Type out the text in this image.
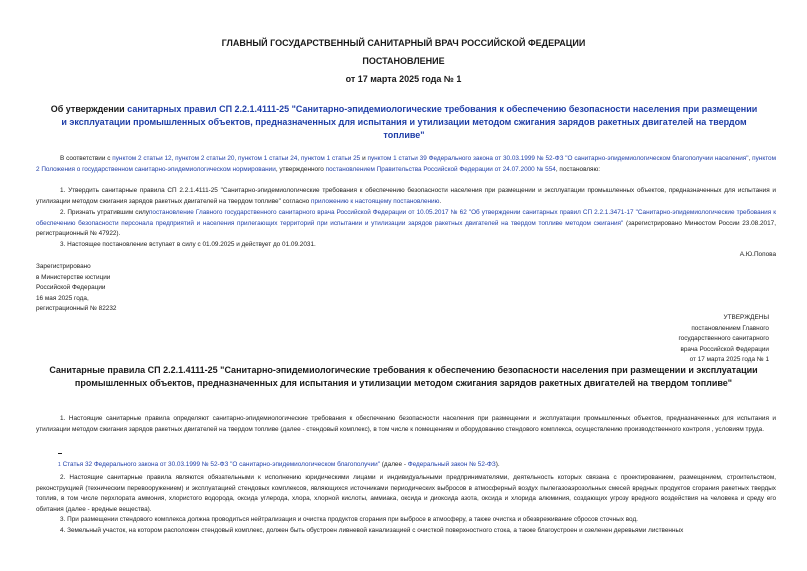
ГЛАВНЫЙ ГОСУДАРСТВЕННЫЙ САНИТАРНЫЙ ВРАЧ РОССИЙСКОЙ ФЕДЕРАЦИИ
ПОСТАНОВЛЕНИЕ
от 17 марта 2025 года № 1
Об утверждении санитарных правил СП 2.2.1.4111-25 "Санитарно-эпидемиологические требования к обеспечению безопасности населения при размещении и эксплуатации промышленных объектов, предназначенных для испытания и утилизации методом сжигания зарядов ракетных двигателей на твердом топливе"

В соответствии с пунктом 2 статьи 12, пунктом 2 статьи 20, пунктом 1 статьи 24, пунктом 1 статьи 25 и пунктом 1 статьи 39 Федерального закона от 30.03.1999 № 52-ФЗ "О санитарно-эпидемиологическом благополучии населения", пунктом 2 Положения о государственном санитарно-эпидемиологическом нормировании, утвержденного постановлением Правительства Российской Федерации от 24.07.2000 № 554, постановляю:

1. Утвердить санитарные правила СП 2.2.1.4111-25 "Санитарно-эпидемиологические требования к обеспечению безопасности населения при размещении и эксплуатации промышленных объектов, предназначенных для испытания и утилизации методом сжигания зарядов ракетных двигателей на твердом топливе" согласно приложению к настоящему постановлению.

2. Признать утратившим силупостановление Главного государственного санитарного врача Российской Федерации от 10.05.2017 № 62 "Об утверждении санитарных правил СП 2.2.1.3471-17 "Санитарно-эпидемиологические требования к обеспечению безопасности персонала предприятий и населения прилегающих территорий при испытании и утилизации зарядов ракетных двигателей на твердом топливе методом сжигания" (зарегистрировано Минюстом России 23.08.2017, регистрационный № 47922).

3. Настоящее постановление вступает в силу с 01.09.2025 и действует до 01.09.2031.

А.Ю.Попова
Зарегистрировано
в Министерстве юстиции
Российской Федерации
16 мая 2025 года,
регистрационный № 82232
УТВЕРЖДЕНЫ
постановлением Главного
государственного санитарного
врача Российской Федерации
от 17 марта 2025 года № 1
Санитарные правила СП 2.2.1.4111-25 "Санитарно-эпидемиологические требования к обеспечению безопасности населения при размещении и эксплуатации промышленных объектов, предназначенных для испытания и утилизации методом сжигания зарядов ракетных двигателей на твердом топливе"

1. Настоящие санитарные правила определяют санитарно-эпидемиологические требования к обеспечению безопасности населения при размещении и эксплуатации промышленных объектов, предназначенных для испытания и утилизации методом сжигания зарядов ракетных двигателей на твердом топливе (далее - стендовый комплекс), в том числе к помещениям и оборудованию стендового комплекса, осуществлению производственного контроля , условиям труда.

$^1$ Статья 32 Федерального закона от 30.03.1999 № 52-ФЗ "О санитарно-эпидемиологическом благополучии" (далее - Федеральный закон № 52-ФЗ).

2. Настоящие санитарные правила являются обязательными к исполнению юридическими лицами и индивидуальными предпринимателями, деятельность которых связана с проектированием, размещением, строительством, реконструкцией (техническим перевооружением) и эксплуатацией стендовых комплексов, являющихся источниками периодических выбросов в атмосферный воздух пылегазоаэрозольных смесей вредных продуктов сгорания ракетных твердых топлив, в том числе перхлората аммония, хлористого водорода, оксида углерода, хлора, хлорной кислоты, аммиака, оксида и диоксида азота, оксида и хлорида алюминия, создающих угрозу вредного воздействия на человека и среду его обитания (далее - вредные вещества).

3. При размещении стендового комплекса должна проводиться нейтрализация и очистка продуктов сгорания при выбросе в атмосферу, а также очистка и обезвреживание сбросов сточных вод.

4. Земельный участок, на котором расположен стендовый комплекс, должен быть обустроен ливневой канализацией с очисткой поверхностного стока, а также благоустроен и озеленен деревьями лиственных
